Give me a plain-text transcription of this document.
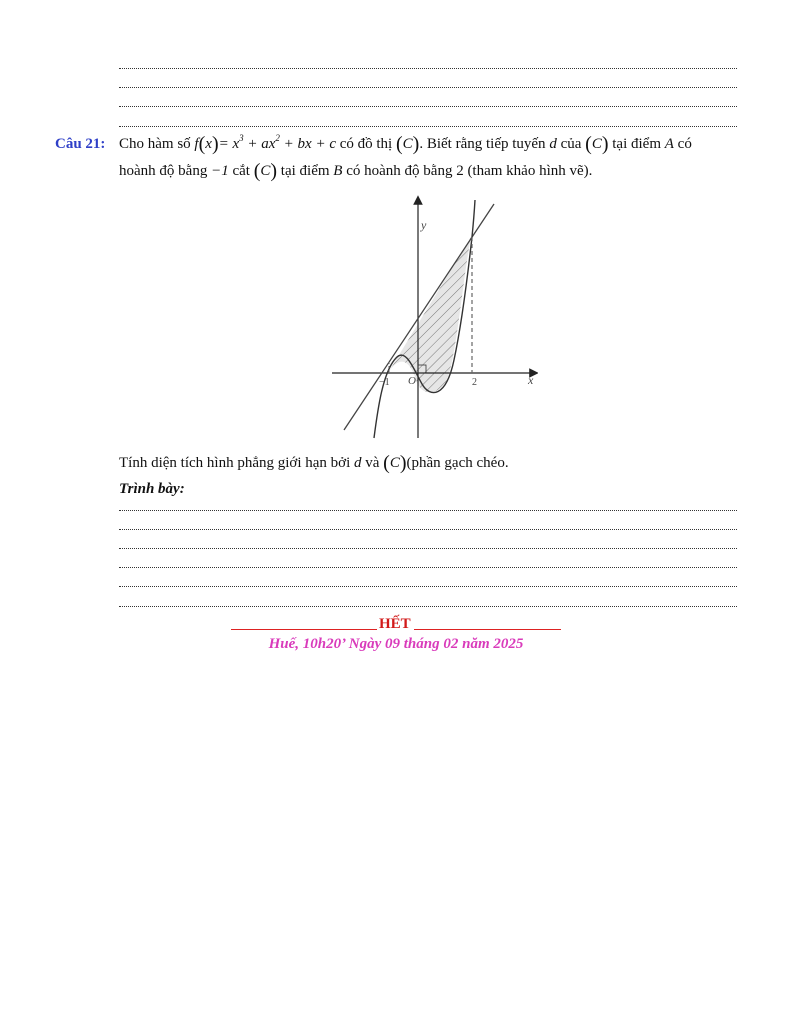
Câu 21: Cho hàm số $f(x)= x^3 + ax^2$ + bx + c có đồ thị (C). Biết rằng tiếp tuyến d của (C) tại điểm A có
hoành độ bằng −1 cắt (C) tại điểm B có hoành độ bằng 2 (tham khảo hình vẽ).
y
x
O
−1	2
Tính diện tích hình phẳng giới hạn bởi d và (C)(phần gạch chéo.
Trình bày:
HẾT
Huế, 10h20’ Ngày 09 tháng 02 năm 2025
